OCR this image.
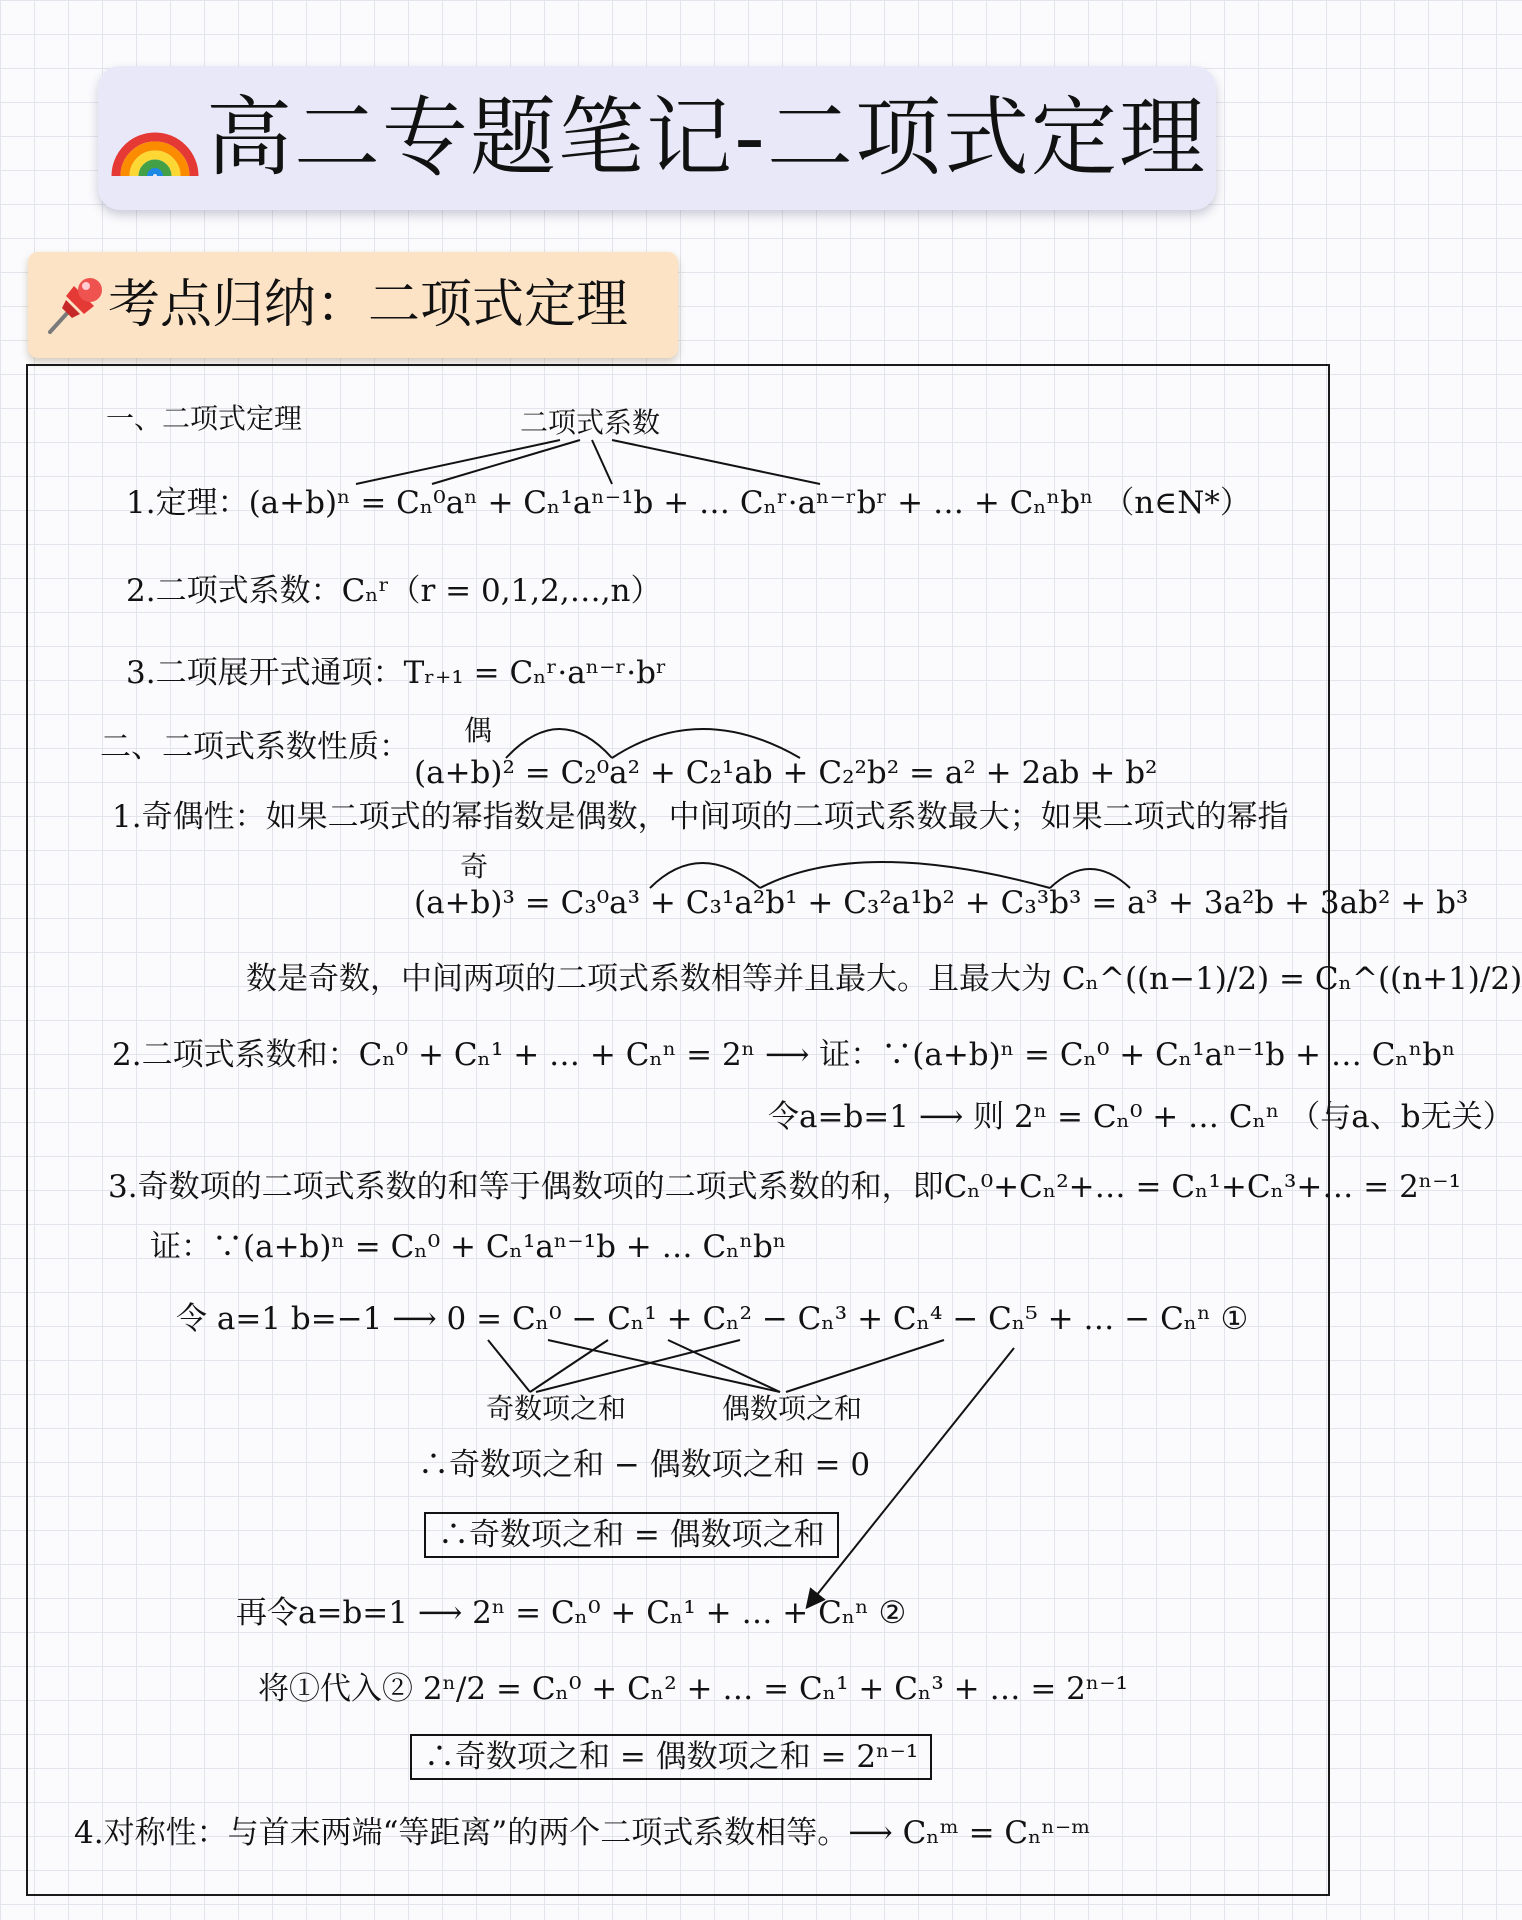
高二专题笔记-二项式定理
考点归纳：二项式定理
一、二项式定理	二项式系数
1.定理：(a+b)ⁿ = Cₙ⁰aⁿ + Cₙ¹aⁿ⁻¹b + … Cₙʳ·aⁿ⁻ʳbʳ + … + Cₙⁿbⁿ （n∈N*）
2.二项式系数：Cₙʳ（r = 0,1,2,…,n）
3.二项展开式通项：Tᵣ₊₁ = Cₙʳ·aⁿ⁻ʳ·bʳ
二、二项式系数性质： 偶
(a+b)² = C₂⁰a² + C₂¹ab + C₂²b² = a² + 2ab + b²
1.奇偶性：如果二项式的幂指数是偶数，中间项的二项式系数最大；如果二项式的幂指
奇
(a+b)³ = C₃⁰a³ + C₃¹a²b¹ + C₃²a¹b² + C₃³b³ = a³ + 3a²b + 3ab² + b³
数是奇数，中间两项的二项式系数相等并且最大。且最大为 Cₙ^((n−1)/2) = Cₙ^((n+1)/2)
2.二项式系数和：Cₙ⁰ + Cₙ¹ + … + Cₙⁿ = 2ⁿ ⟶ 证：∵(a+b)ⁿ = Cₙ⁰ + Cₙ¹aⁿ⁻¹b + … Cₙⁿbⁿ
令a=b=1 ⟶ 则 2ⁿ = Cₙ⁰ + … Cₙⁿ （与a、b无关）
3.奇数项的二项式系数的和等于偶数项的二项式系数的和，即Cₙ⁰+Cₙ²+… = Cₙ¹+Cₙ³+… = 2ⁿ⁻¹
证：∵(a+b)ⁿ = Cₙ⁰ + Cₙ¹aⁿ⁻¹b + … Cₙⁿbⁿ
令 a=1 b=−1 ⟶ 0 = Cₙ⁰ − Cₙ¹ + Cₙ² − Cₙ³ + Cₙ⁴ − Cₙ⁵ + … − Cₙⁿ ①
奇数项之和	偶数项之和
∴奇数项之和 − 偶数项之和 = 0
∴奇数项之和 = 偶数项之和
再令a=b=1 ⟶ 2ⁿ = Cₙ⁰ + Cₙ¹ + … + Cₙⁿ ②
将①代入② 2ⁿ/2 = Cₙ⁰ + Cₙ² + … = Cₙ¹ + Cₙ³ + … = 2ⁿ⁻¹
∴奇数项之和 = 偶数项之和 = 2ⁿ⁻¹
4.对称性：与首末两端“等距离”的两个二项式系数相等。⟶ Cₙᵐ = Cₙⁿ⁻ᵐ
